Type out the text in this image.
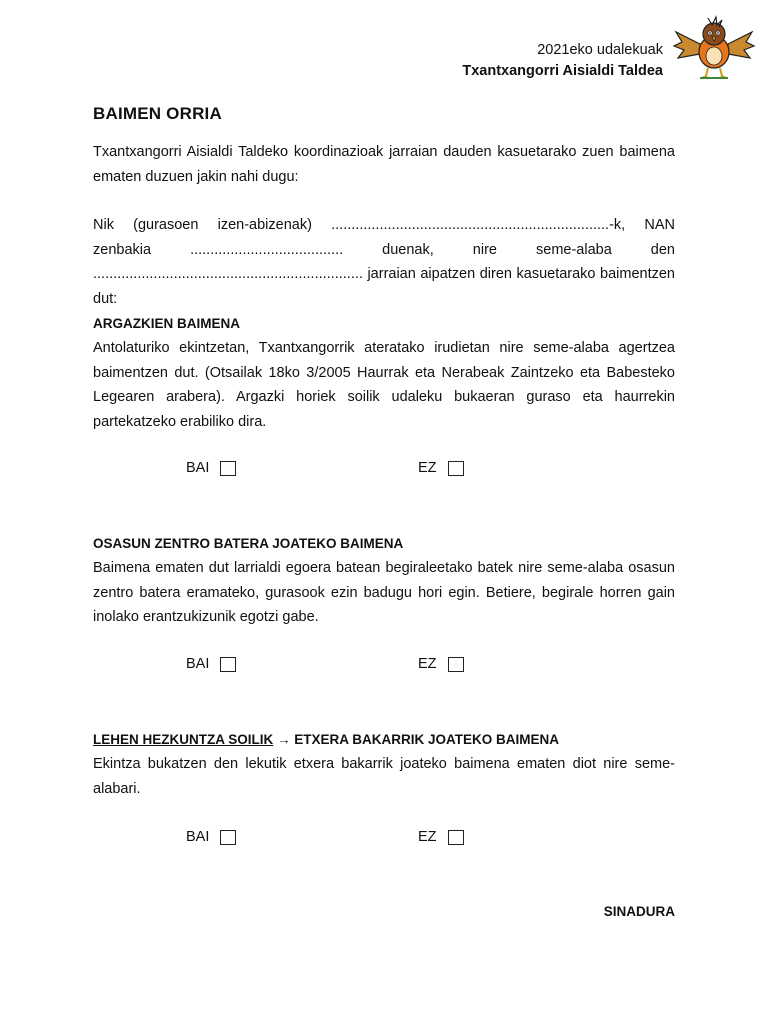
2021eko udalekuak
Txantxangorri Aisialdi Taldea
BAIMEN ORRIA

Txantxangorri Aisialdi Taldeko koordinazioak jarraian dauden kasuetarako zuen baimena ematen duzuen jakin nahi dugu:

Nik (gurasoen izen-abizenak) .....................................................................-k, NAN zenbakia ...................................... duenak, nire seme-alaba den ................................................................... jarraian aipatzen diren kasuetarako baimentzen dut:

ARGAZKIEN BAIMENA

Antolaturiko ekintzetan, Txantxangorrik ateratako irudietan nire seme-alaba agertzea baimentzen dut. (Otsailak 18ko 3/2005 Haurrak eta Nerabeak Zaintzeko eta Babesteko Legearen arabera). Argazki horiek soilik udaleku bukaeran guraso eta haurrekin partekatzeko erabiliko dira.

BAI	EZ
OSASUN ZENTRO BATERA JOATEKO BAIMENA

Baimena ematen dut larrialdi egoera batean begiraleetako batek nire seme-alaba osasun zentro batera eramateko, gurasook ezin badugu hori egin. Betiere, begirale horren gain inolako erantzukizunik egotzi gabe.

BAI	EZ
LEHEN HEZKUNTZA SOILIK → ETXERA BAKARRIK JOATEKO BAIMENA

Ekintza bukatzen den lekutik etxera bakarrik joateko baimena ematen diot nire seme-alabari.

BAI	EZ
SINADURA
